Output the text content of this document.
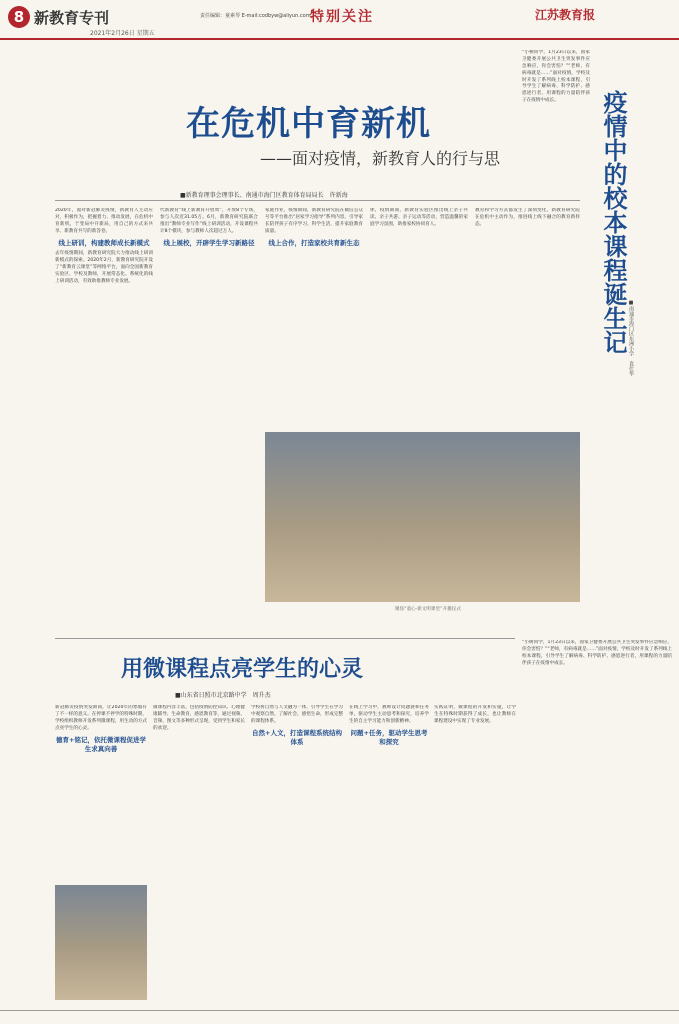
8 新教育专刊
2021年2月26日 星期五
责任编辑：童素琴 E-mail:codbyw@aliyun.com 特别关注	江苏教育报
在危机中育新机
——面对疫情，新教育人的行与思
■新教育理事会理事长、南通市海门区教育体育局局长　许新海
2020年，面对新冠肺炎疫情，新教育人主动应对，积极作为，把握着力、推动发展，在危机中育新机，于变局中开新局，用自己的方式来共享、新教育共写的新答卷。
线上研训，构建教师成长新模式
去年疫情期间，新教育研究院大力推动线上研训新模式的探索。2020年2月，新教育研究院开设了“新教育云课堂”等网络平台，面向全国新教育实验区、学校及教师，开展常态化、系统化的线上研训活动，有效助推教师专业发展。
代新教育“线上新教育开放周”，开放8个专场，参与人次近31.05万。6月，新教育研究院联合推出“教师专业写作”线上研训活动，开设课程共计8个模块，参与教师人次超过万人。
线上展校，开辟学生学习新路径
家庭作业，疫情期间，新教育研究院在微信公众号等平台推出“居家学习指导”系列内容，引导家长陪伴孩子有序学习、科学生活，提升家庭教育质量。
线上合作，打造家校共育新生态
休，疫情期间，新教育实验区推出线上亲子共读、亲子共游、亲子运动等活动，营造温馨的家庭学习氛围，助推家校协同育人。
教育和学习方式都发生了深刻变化，新教育研究院在危机中主动作为，推进线上线下融合的教育新样态。
聚焦“童心·新文明课堂”开播仪式
“小树同学，1月23日以来，国家卫健委开展公共卫生突发事件应急响应，你会害怕？”“老师，有病毒就是……”面对疫情，学校及时开发了系列线上校本课程，引导学生了解病毒、科学防护、感恩逆行者，用课程的力量陪伴孩子在疫情中成长。	疫情中的校本课程诞生记 ■南通市海门区东洲小学　袁仕华
“小树同学，1月23日以来，国家卫健委开展公共卫生突发事件应急响应，你会害怕？”“老师，有病毒就是……”面对疫情，学校及时开发了系列线上校本课程，引导学生了解病毒、科学防护、感恩逆行者，用课程的力量陪伴孩子在疫情中成长。
用微课程点亮学生的心灵
■山东省日照市北京路中学　周升杰
新冠肺炎疫情突发期间，让2020年的寒假有了不一样的意义。在停课不停学的特殊时期，学校组织教师开发系列微课程，用生动的方式点亮学生的心灵。
德育+铭记，依托微课程促进学生求真向善
微课程内容丰富，包括疫情防控知识、心理健康辅导、生命教育、感恩教育等，通过视频、音频、图文等多种形式呈现，受到学生和家长的欢迎。
学校将自然与人文融为一体，引导学生在学习中观察自然、了解社会、感悟生命，形成完整的课程体系。
自然+人文，打造课程系统结构体系
在线上学习中，教师设计问题链和任务单，驱动学生主动思考和探究，培养学生的自主学习能力和创新精神。
问题+任务，驱动学生思考和探究
实践证明，微课程的开发和实施，让学生在特殊时期获得了成长，也让教师在课程建设中实现了专业发展。
